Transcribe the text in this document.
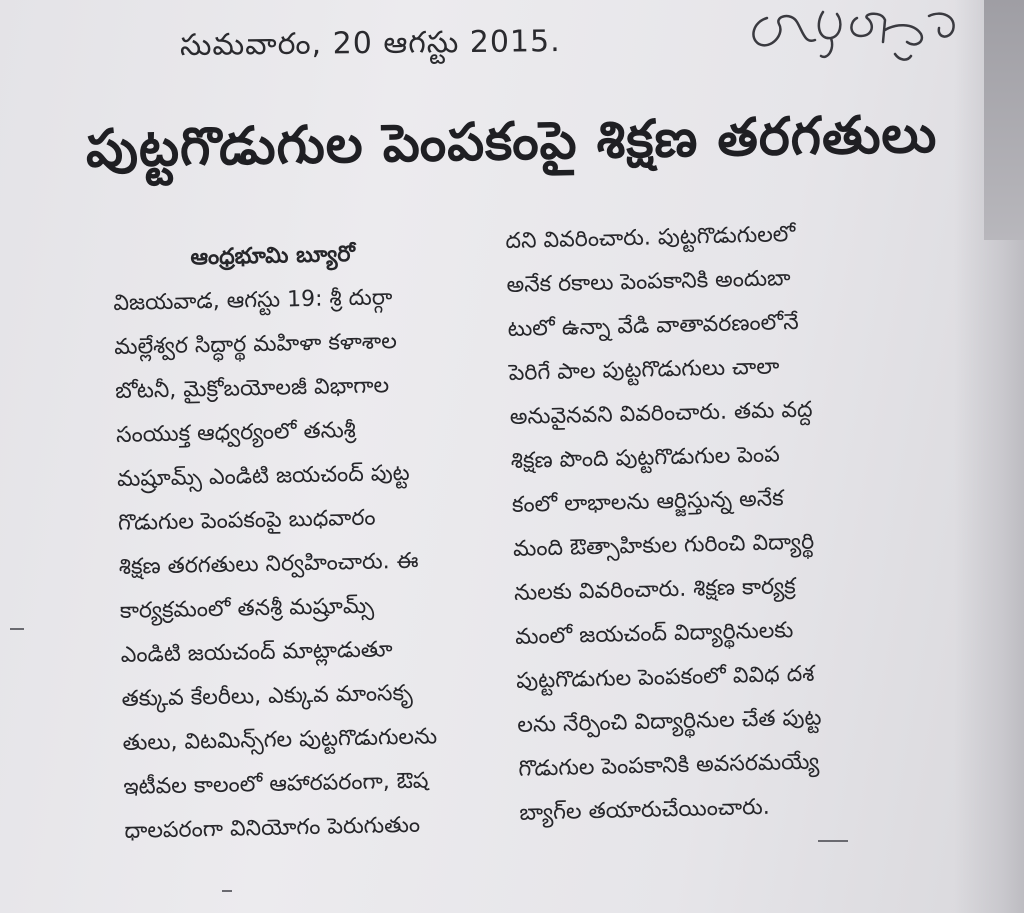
సుమవారం, 20 ఆగస్టు 2015.
పుట్టగొడుగుల పెంపకంపై శిక్షణ తరగతులు
ఆంధ్రభూమి బ్యూరో
విజయవాడ, ఆగస్టు 19: శ్రీ దుర్గా
మల్లేశ్వర సిద్ధార్థ మహిళా కళాశాల
బోటనీ, మైక్రోబయోలజీ విభాగాల
సంయుక్త ఆధ్వర్యంలో తనుశ్రీ
మష్రూమ్స్ ఎండిటి జయచంద్ పుట్ట
గొడుగుల పెంపకంపై బుధవారం
శిక్షణ తరగతులు నిర్వహించారు. ఈ
కార్యక్రమంలో తనశ్రీ మష్రూమ్స్
ఎండిటి జయచంద్ మాట్లాడుతూ
తక్కువ కేలరీలు, ఎక్కువ మాంసకృ
తులు, విటమిన్స్‌గల పుట్టగొడుగులను
ఇటీవల కాలంలో ఆహారపరంగా, ఔష
ధాలపరంగా వినియోగం పెరుగుతుం
దని వివరించారు. పుట్టగొడుగులలో
అనేక రకాలు పెంపకానికి అందుబా
టులో ఉన్నా వేడి వాతావరణంలోనే
పెరిగే పాల పుట్టగొడుగులు చాలా
అనువైనవని వివరించారు. తమ వద్ద
శిక్షణ పొంది పుట్టగొడుగుల పెంప
కంలో లాభాలను ఆర్జిస్తున్న అనేక
మంది ఔత్సాహికుల గురించి విద్యార్థి
నులకు వివరించారు. శిక్షణ కార్యక్ర
మంలో జయచంద్ విద్యార్థినులకు
పుట్టగొడుగుల పెంపకంలో వివిధ దశ
లను నేర్పించి విద్యార్థినుల చేత పుట్ట
గొడుగుల పెంపకానికి అవసరమయ్యే
బ్యాగ్‌ల తయారుచేయించారు.
